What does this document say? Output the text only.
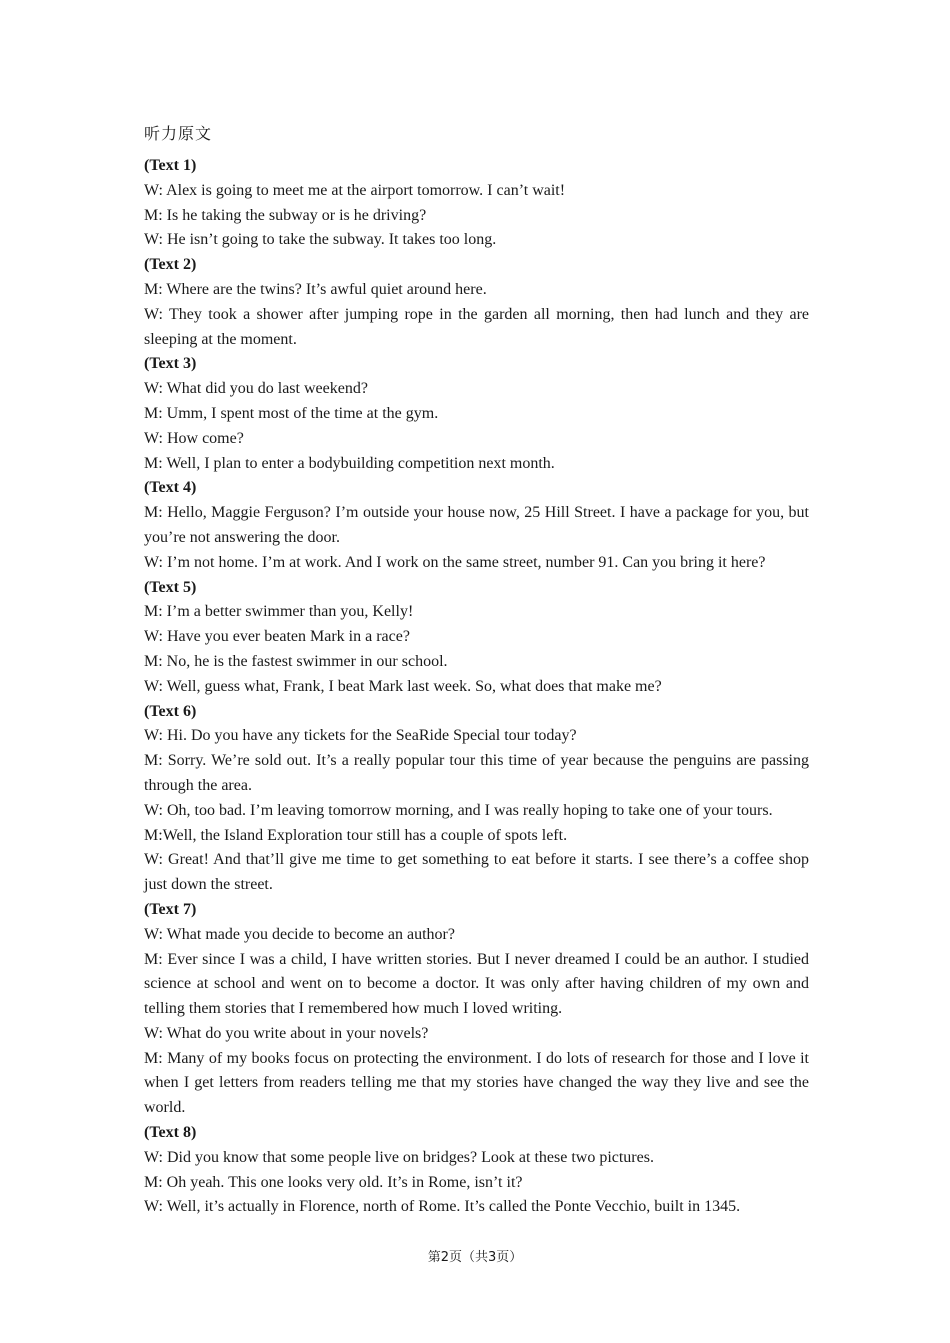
听力原文

(Text 1)

W: Alex is going to meet me at the airport tomorrow. I can’t wait!

M: Is he taking the subway or is he driving?

W: He isn’t going to take the subway. It takes too long.

(Text 2)

M: Where are the twins? It’s awful quiet around here.

W: They took a shower after jumping rope in the garden all morning, then had lunch and they are sleeping at the moment.

(Text 3)

W: What did you do last weekend?

M: Umm, I spent most of the time at the gym.

W: How come?

M: Well, I plan to enter a bodybuilding competition next month.

(Text 4)

M: Hello, Maggie Ferguson? I’m outside your house now, 25 Hill Street. I have a package for you, but you’re not answering the door.

W: I’m not home. I’m at work. And I work on the same street, number 91. Can you bring it here?

(Text 5)

M: I’m a better swimmer than you, Kelly!

W: Have you ever beaten Mark in a race?

M: No, he is the fastest swimmer in our school.

W: Well, guess what, Frank, I beat Mark last week. So, what does that make me?

(Text 6)

W: Hi. Do you have any tickets for the SeaRide Special tour today?

M: Sorry. We’re sold out. It’s a really popular tour this time of year because the penguins are passing through the area.

W: Oh, too bad. I’m leaving tomorrow morning, and I was really hoping to take one of your tours.

M:Well, the Island Exploration tour still has a couple of spots left.

W: Great! And that’ll give me time to get something to eat before it starts. I see there’s a coffee shop just down the street.

(Text 7)

W: What made you decide to become an author?

M: Ever since I was a child, I have written stories. But I never dreamed I could be an author. I studied science at school and went on to become a doctor. It was only after having children of my own and telling them stories that I remembered how much I loved writing.

W: What do you write about in your novels?

M: Many of my books focus on protecting the environment. I do lots of research for those and I love it when I get letters from readers telling me that my stories have changed the way they live and see the world.

(Text 8)

W: Did you know that some people live on bridges? Look at these two pictures.

M: Oh yeah. This one looks very old. It’s in Rome, isn’t it?

W: Well, it’s actually in Florence, north of Rome. It’s called the Ponte Vecchio, built in 1345.

第2页（共3页）
